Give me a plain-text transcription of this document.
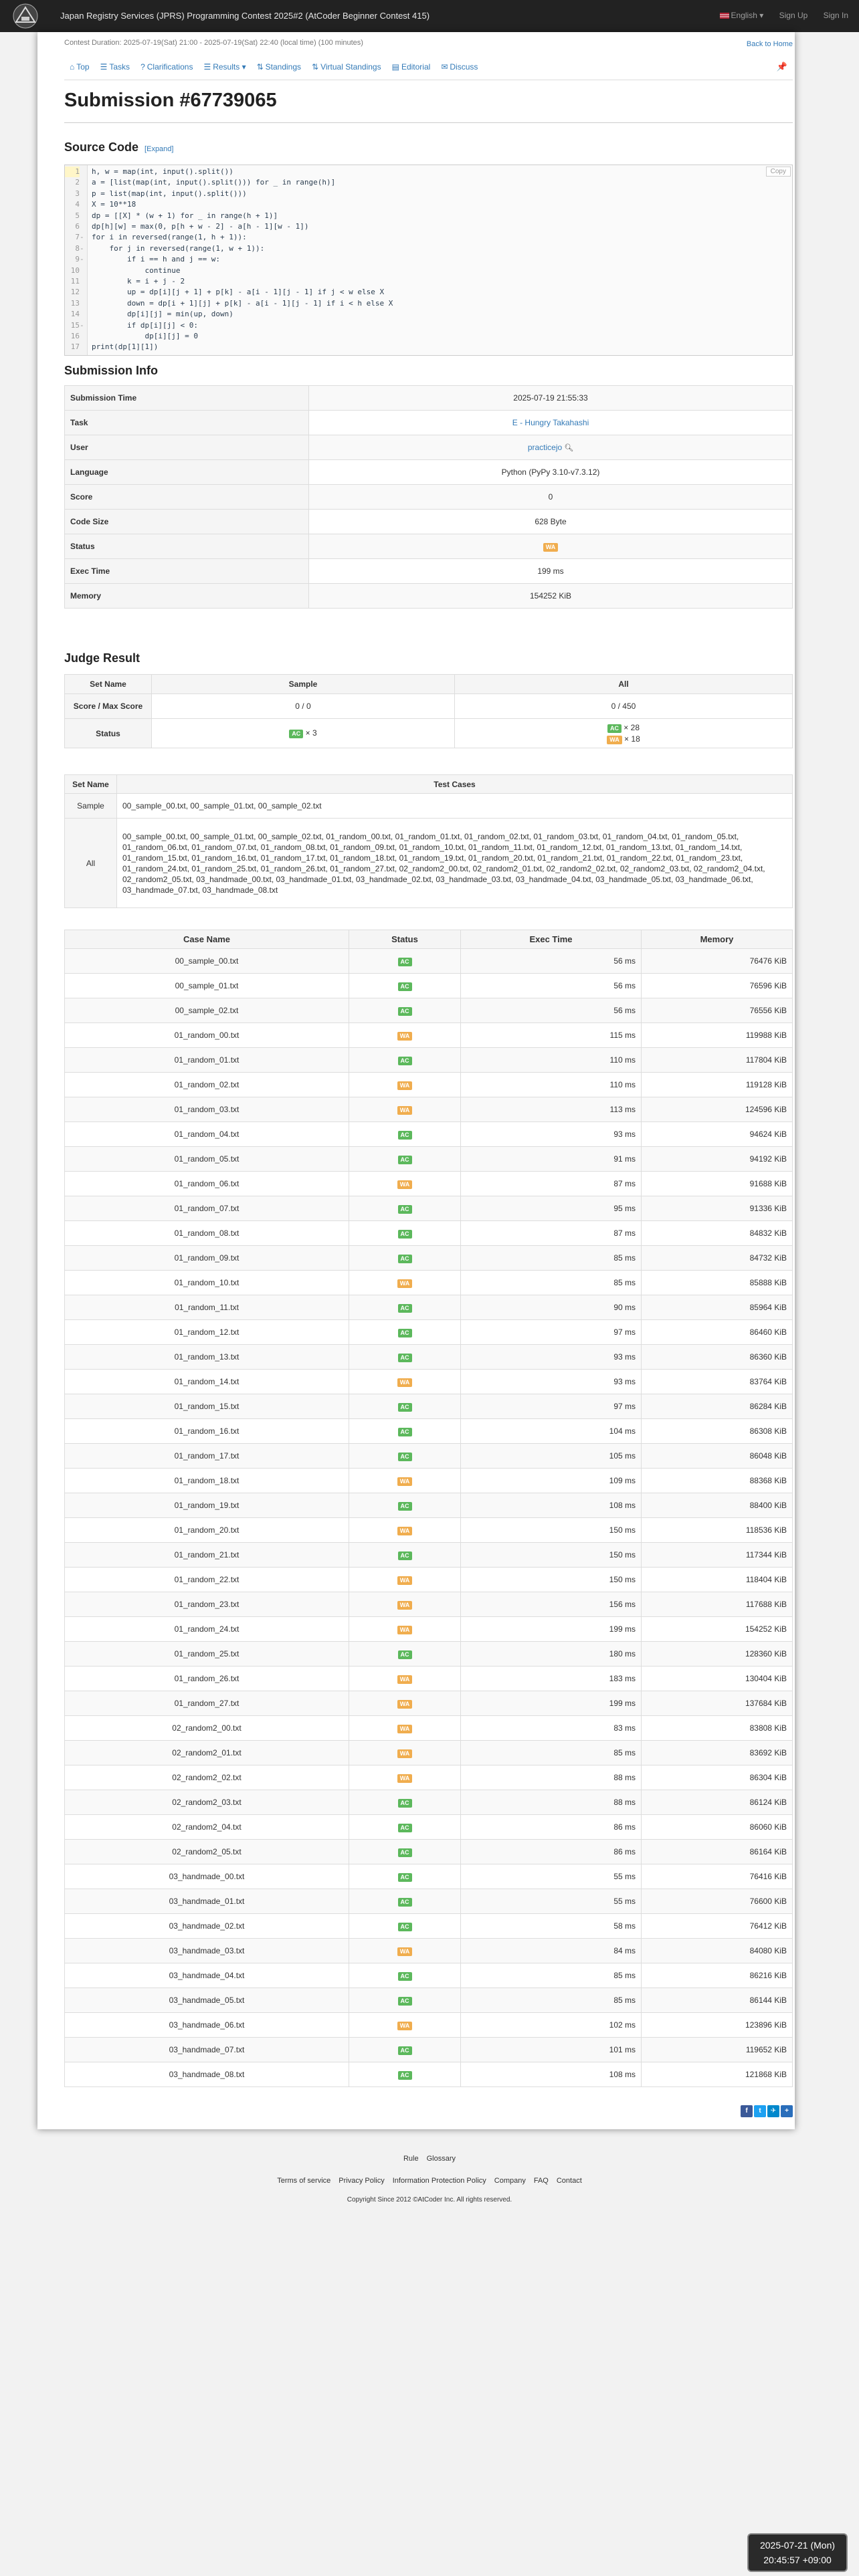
Japan Registry Services (JPRS) Programming Contest 2025#2 (AtCoder Beginner Contest 415)	English ▾ Sign Up Sign In
Contest Duration: 2025-07-19(Sat) 21:00 - 2025-07-19(Sat) 22:40 (local time) (100 minutes)	Back to Home
⌂ Top ☰ Tasks ? Clarifications ☰ Results ▾ ⇅ Standings ⇅ Virtual Standings ▤ Editorial ✉ Discuss	📌
Submission #67739065
Source Code [Expand]
1 h, w = map(int, input().split())
2 a = [list(map(int, input().split())) for _ in range(h)]
3 p = list(map(int, input().split()))
4 X = 10**18
5 dp = [[X] * (w + 1) for _ in range(h + 1)]
6 dp[h][w] = max(0, p[h + w - 2] - a[h - 1][w - 1])
7- for i in reversed(range(1, h + 1)):
8-    for j in reversed(range(1, w + 1)):
9-        if i == h and j == w:
10            continue
11        k = i + j - 2
12        up = dp[i][j + 1] + p[k] - a[i - 1][j - 1] if j < w else X
13        down = dp[i + 1][j] + p[k] - a[i - 1][j - 1] if i < h else X
14        dp[i][j] = min(up, down)
15-        if dp[i][j] < 0:
16            dp[i][j] = 0
17 print(dp[1][1])
Copy
Submission Info
Submission Time	2025-07-19 21:55:33
Task	E - Hungry Takahashi
User	practicejo 🔍︎
Language	Python (PyPy 3.10-v7.3.12)
Score	0
Code Size	628 Byte
Status	WA
Exec Time	199 ms
Memory	154252 KiB
Judge Result
Set Name	Sample	All
Score / Max Score	0 / 0	0 / 450
Status	AC × 3	AC × 28
WA × 18
Set Name	Test Cases
Sample	00_sample_00.txt, 00_sample_01.txt, 00_sample_02.txt
All	00_sample_00.txt, 00_sample_01.txt, 00_sample_02.txt, 01_random_00.txt, 01_random_01.txt, 01_random_02.txt, 01_random_03.txt, 01_random_04.txt, 01_random_05.txt, 01_random_06.txt, 01_random_07.txt, 01_random_08.txt, 01_random_09.txt, 01_random_10.txt, 01_random_11.txt, 01_random_12.txt, 01_random_13.txt, 01_random_14.txt, 01_random_15.txt, 01_random_16.txt, 01_random_17.txt, 01_random_18.txt, 01_random_19.txt, 01_random_20.txt, 01_random_21.txt, 01_random_22.txt, 01_random_23.txt, 01_random_24.txt, 01_random_25.txt, 01_random_26.txt, 01_random_27.txt, 02_random2_00.txt, 02_random2_01.txt, 02_random2_02.txt, 02_random2_03.txt, 02_random2_04.txt, 02_random2_05.txt, 03_handmade_00.txt, 03_handmade_01.txt, 03_handmade_02.txt, 03_handmade_03.txt, 03_handmade_04.txt, 03_handmade_05.txt, 03_handmade_06.txt, 03_handmade_07.txt, 03_handmade_08.txt
Case Name	Status	Exec Time	Memory
00_sample_00.txt	AC	56 ms	76476 KiB
00_sample_01.txt	AC	56 ms	76596 KiB
00_sample_02.txt	AC	56 ms	76556 KiB
01_random_00.txt	WA	115 ms	119988 KiB
01_random_01.txt	AC	110 ms	117804 KiB
01_random_02.txt	WA	110 ms	119128 KiB
01_random_03.txt	WA	113 ms	124596 KiB
01_random_04.txt	AC	93 ms	94624 KiB
01_random_05.txt	AC	91 ms	94192 KiB
01_random_06.txt	WA	87 ms	91688 KiB
01_random_07.txt	AC	95 ms	91336 KiB
01_random_08.txt	AC	87 ms	84832 KiB
01_random_09.txt	AC	85 ms	84732 KiB
01_random_10.txt	WA	85 ms	85888 KiB
01_random_11.txt	AC	90 ms	85964 KiB
01_random_12.txt	AC	97 ms	86460 KiB
01_random_13.txt	AC	93 ms	86360 KiB
01_random_14.txt	WA	93 ms	83764 KiB
01_random_15.txt	AC	97 ms	86284 KiB
01_random_16.txt	AC	104 ms	86308 KiB
01_random_17.txt	AC	105 ms	86048 KiB
01_random_18.txt	WA	109 ms	88368 KiB
01_random_19.txt	AC	108 ms	88400 KiB
01_random_20.txt	WA	150 ms	118536 KiB
01_random_21.txt	AC	150 ms	117344 KiB
01_random_22.txt	WA	150 ms	118404 KiB
01_random_23.txt	WA	156 ms	117688 KiB
01_random_24.txt	WA	199 ms	154252 KiB
01_random_25.txt	AC	180 ms	128360 KiB
01_random_26.txt	WA	183 ms	130404 KiB
01_random_27.txt	WA	199 ms	137684 KiB
02_random2_00.txt	WA	83 ms	83808 KiB
02_random2_01.txt	WA	85 ms	83692 KiB
02_random2_02.txt	WA	88 ms	86304 KiB
02_random2_03.txt	AC	88 ms	86124 KiB
02_random2_04.txt	AC	86 ms	86060 KiB
02_random2_05.txt	AC	86 ms	86164 KiB
03_handmade_00.txt	AC	55 ms	76416 KiB
03_handmade_01.txt	AC	55 ms	76600 KiB
03_handmade_02.txt	AC	58 ms	76412 KiB
03_handmade_03.txt	WA	84 ms	84080 KiB
03_handmade_04.txt	AC	85 ms	86216 KiB
03_handmade_05.txt	AC	85 ms	86144 KiB
03_handmade_06.txt	WA	102 ms	123896 KiB
03_handmade_07.txt	AC	101 ms	119652 KiB
03_handmade_08.txt	AC	108 ms	121868 KiB
f t ✈ +
Rule Glossary
Terms of service Privacy Policy Information Protection Policy Company FAQ Contact
Copyright Since 2012 ©AtCoder Inc. All rights reserved.
2025-07-21 (Mon)
20:45:57 +09:00
